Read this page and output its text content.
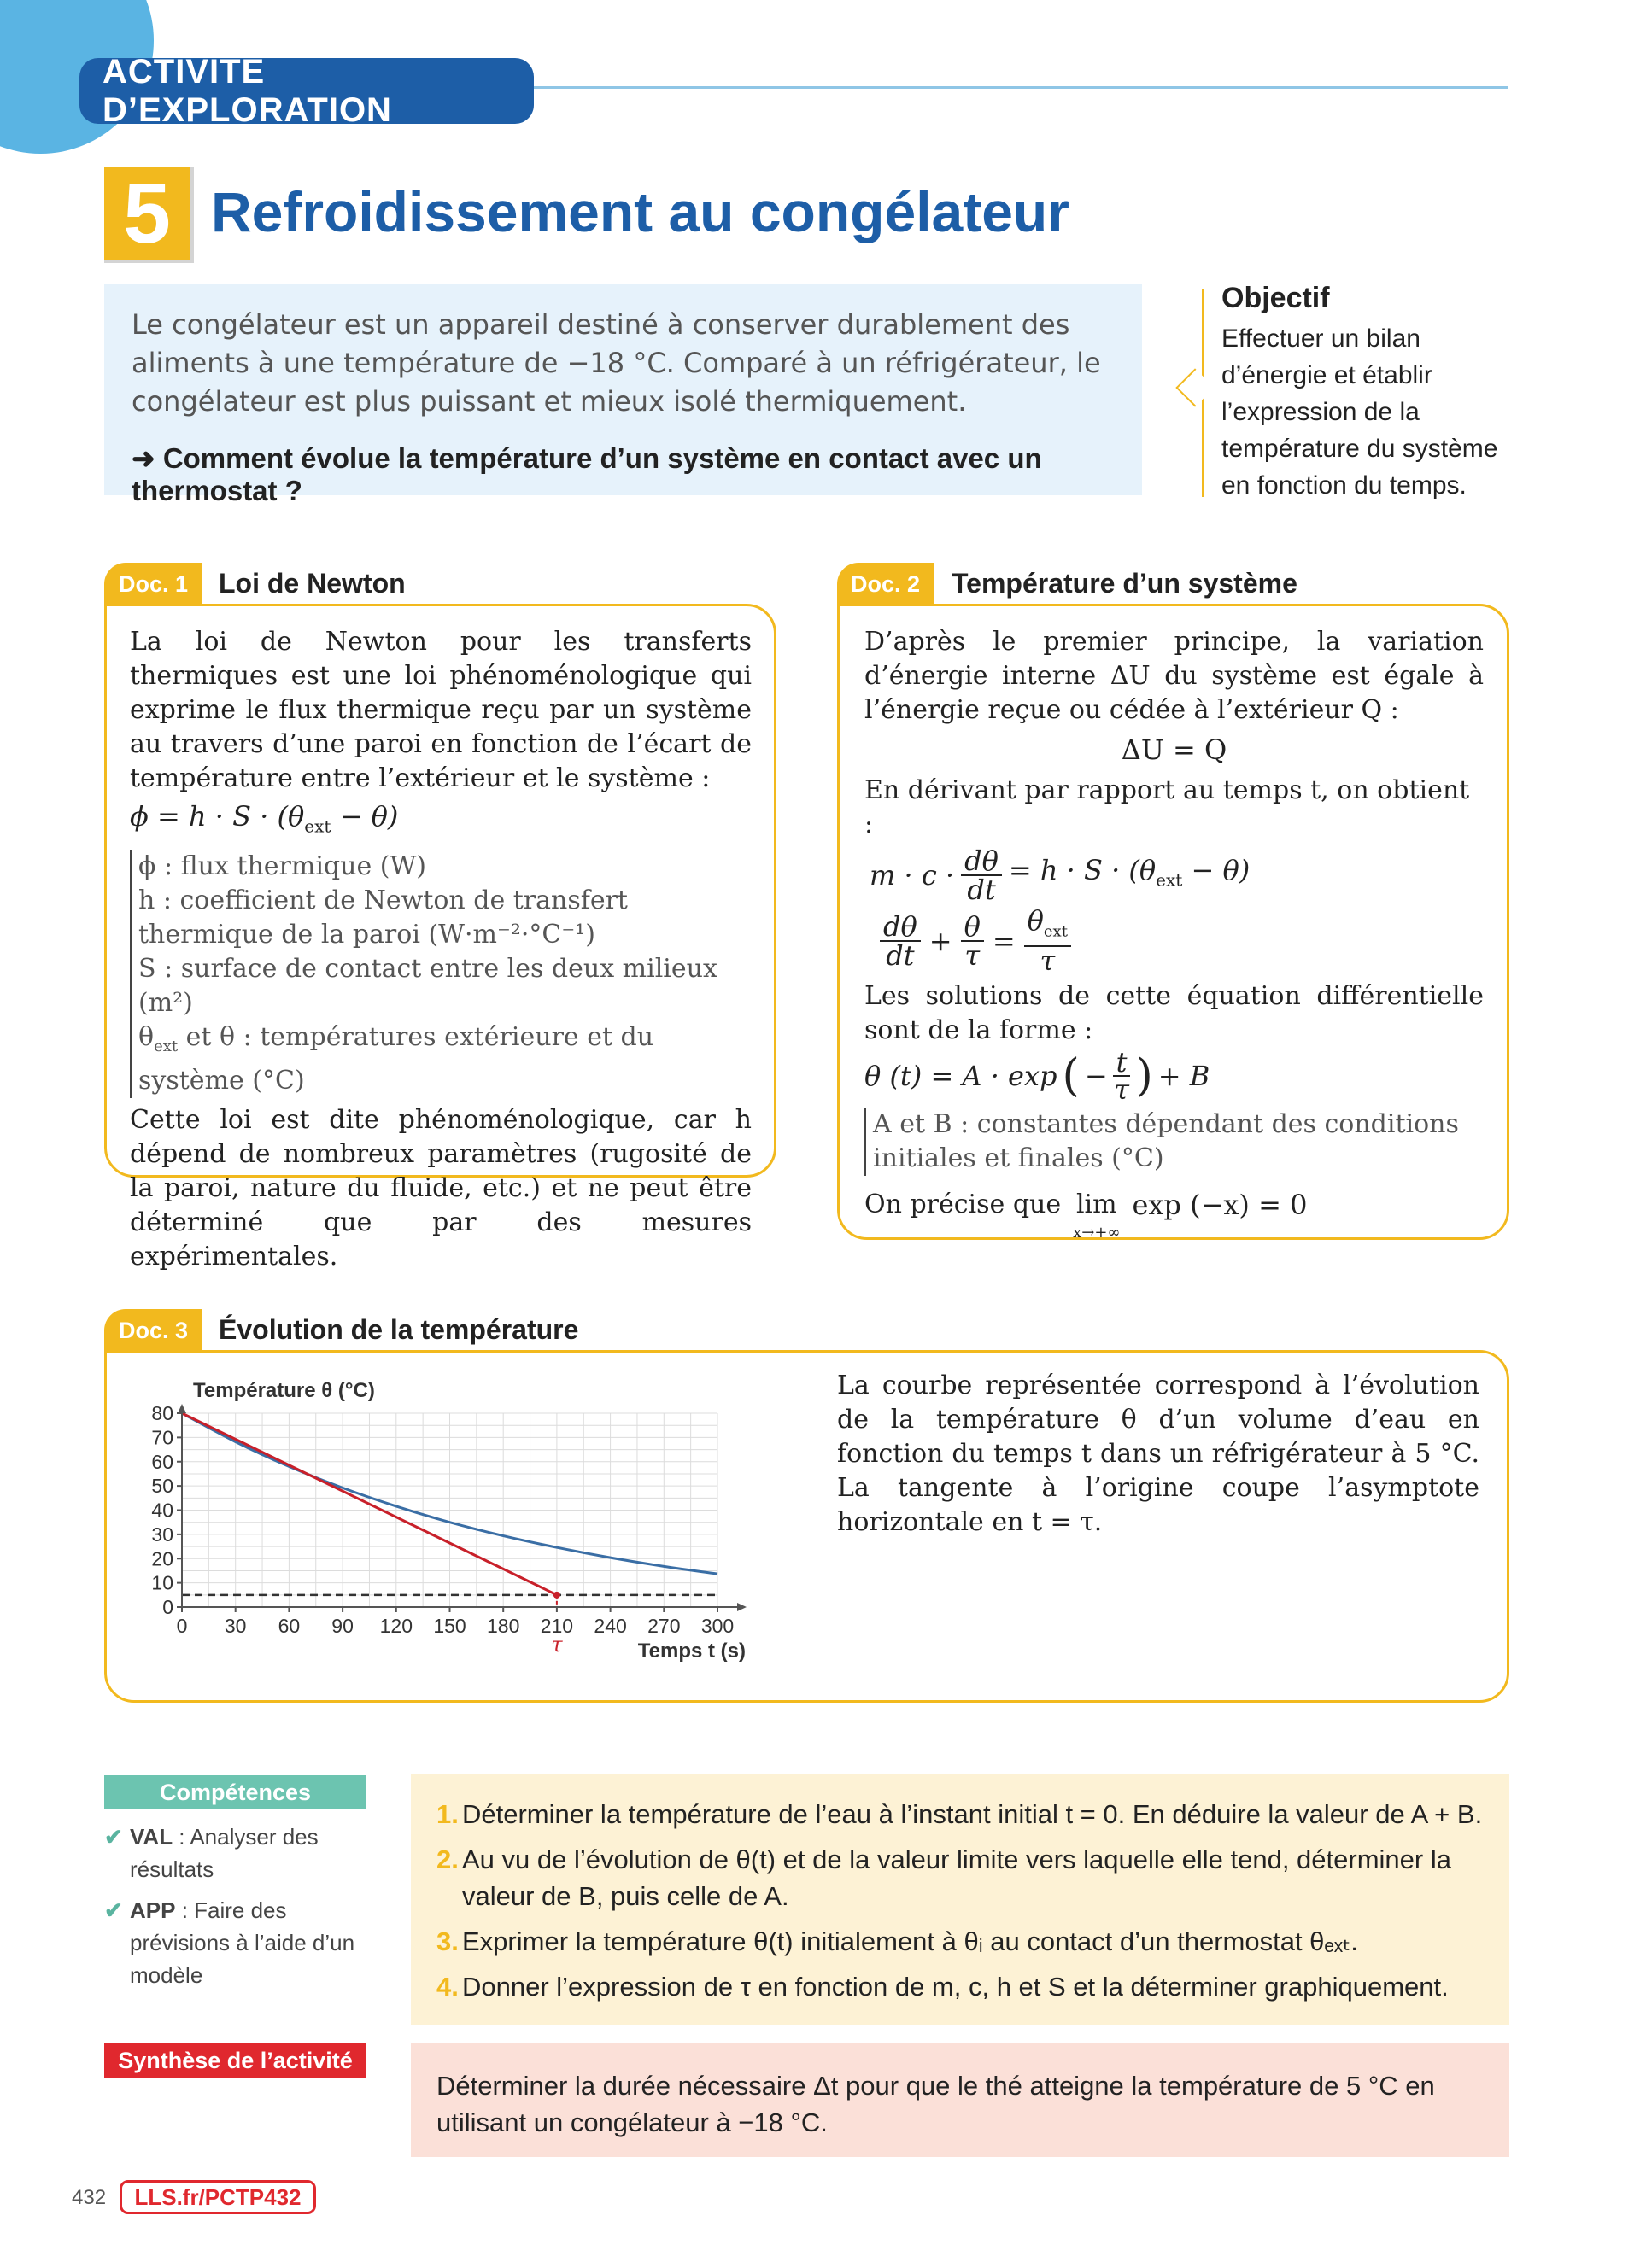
ACTIVITÉ D’EXPLORATION
5 Refroidissement au congélateur
Le congélateur est un appareil destiné à conserver durablement des aliments à une température de −18 °C. Comparé à un réfrigérateur, le congélateur est plus puissant et mieux isolé thermiquement.
➜ Comment évolue la température d’un système en contact avec un thermostat ?
Objectif
Effectuer un bilan d’énergie et établir l’expression de la température du système en fonction du temps.
Doc. 1	Loi de Newton
La loi de Newton pour les transferts thermiques est une loi phénoménologique qui exprime le flux thermique reçu par un système au travers d’une paroi en fonction de l’écart de température entre l’extérieur et le système :
$\phi = h \cdot S \cdot (\theta_{ext} - \theta)$
ϕ : flux thermique (W)
h : coefficient de Newton de transfert thermique de la paroi (W·m⁻²·°C⁻¹)
S : surface de contact entre les deux milieux (m²)
$\theta_{ext}$ et θ : températures extérieure et du système (°C)
Cette loi est dite phénoménologique, car h dépend de nombreux paramètres (rugosité de la paroi, nature du fluide, etc.) et ne peut être déterminé que par des mesures expérimentales.
Doc. 2	Température d’un système
D’après le premier principe, la variation d’énergie interne ΔU du système est égale à l’énergie reçue ou cédée à l’extérieur Q :
ΔU = Q
En dérivant par rapport au temps t, on obtient :
$m \cdot c \cdot \frac{d\theta}{dt} = h \cdot S \cdot (\theta_{ext} - \theta)$
dθ
dt + $\frac{\theta}{\tau}$ =
$\theta_{ext}$
τ
Les solutions de cette équation différentielle sont de la forme :
θ (t) = A · exp ( − $\frac{t}{\tau}$ ) + B
A et B : constantes dépendant des conditions initiales et finales (°C)
On précise que lim
x→+∞
exp (−x) = 0
Doc. 3	Évolution de la température
La courbe représentée correspond à l’évolution de la température θ d’un volume d’eau en fonction du temps t dans un réfrigérateur à 5 °C. La tangente à l’origine coupe l’asymptote horizontale en t = τ.
Température θ (°C)
Temps t (s)
0 30 60 90 120 150 180 210 240 270 300
0
10
20
30
40
50
60
70
80
τ
Compétences
✔ VAL : Analyser des résultats
✔ APP : Faire des prévisions à l’aide d’un modèle
1. Déterminer la température de l’eau à l’instant initial t = 0. En déduire la valeur de A + B.
2. Au vu de l’évolution de θ(t) et de la valeur limite vers laquelle elle tend, déterminer la valeur de B, puis celle de A.
3. Exprimer la température θ(t) initialement à θᵢ au contact d’un thermostat θₑₓₜ.
4. Donner l’expression de τ en fonction de m, c, h et S et la déterminer graphiquement.
Synthèse de l’activité
Déterminer la durée nécessaire Δt pour que le thé atteigne la température de 5 °C en utilisant un congélateur à −18 °C.
432	LLS.fr/PCTP432
